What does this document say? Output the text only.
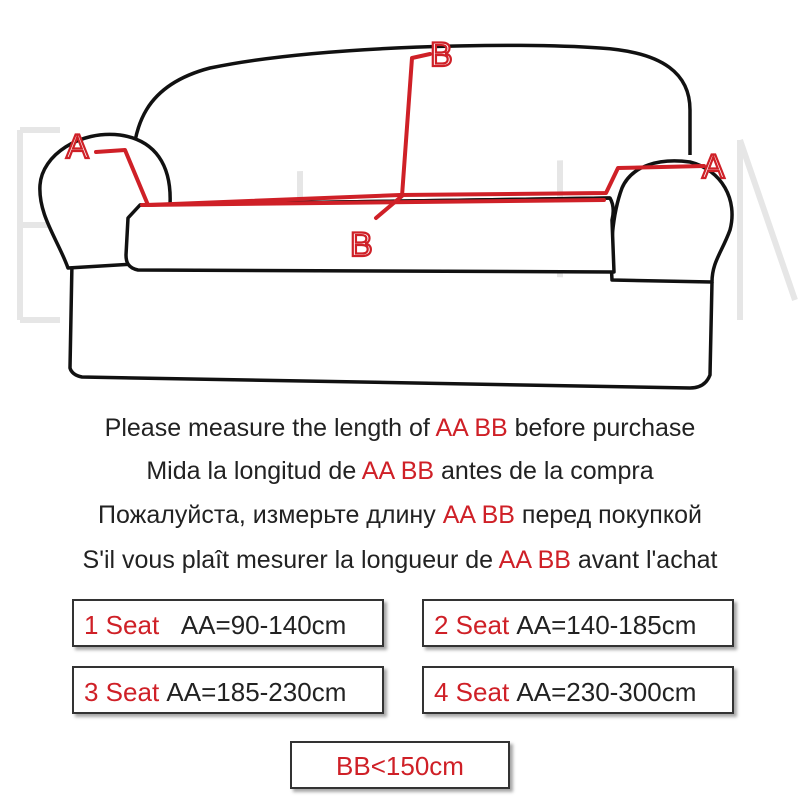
A
B
B
A
Please measure the length of AA BB before purchase
Mida la longitud de AA BB antes de la compra
Пожалуйста, измерьте длину AA BB перед покупкой
S'il vous plaît mesurer la longueur de AA BB avant l'achat
1 Seat AA=90-140cm	2 Seat AA=140-185cm
3 Seat AA=185-230cm	4 Seat AA=230-300cm
BB<150cm
